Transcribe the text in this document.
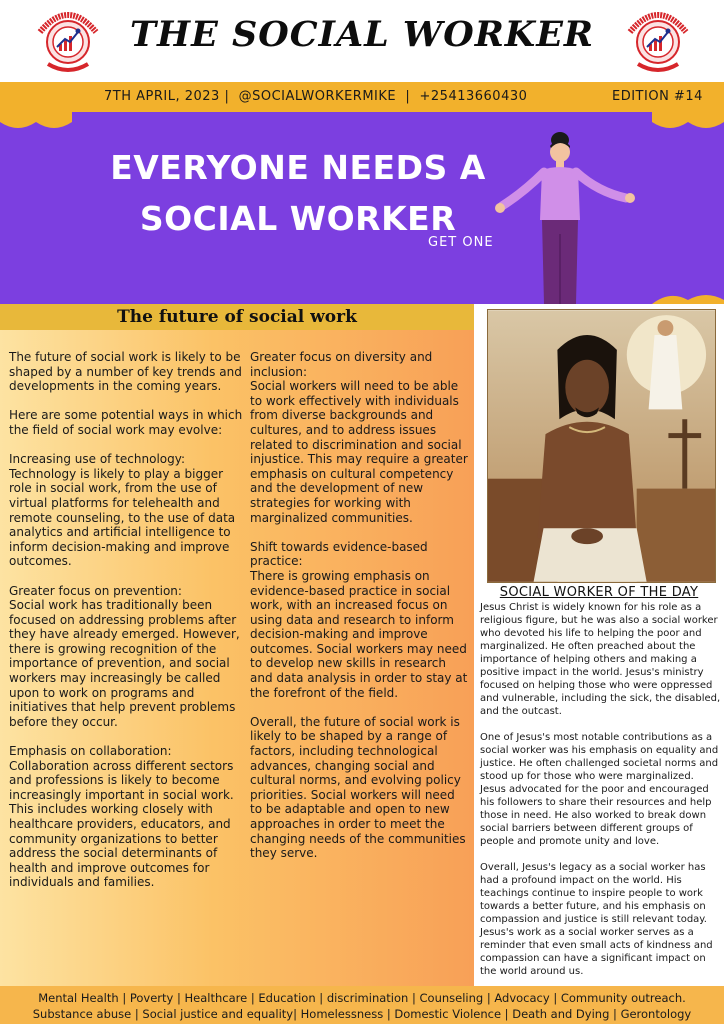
THE SOCIAL WORKER
7TH APRIL, 2023 |  @SOCIALWORKERMIKE  |  +25413660430	EDITION #14
EVERYONE NEEDS A
SOCIAL WORKER
GET ONE
The future of social work
The future of social work is likely to be shaped by a number of key trends and developments in the coming years.
Here are some potential ways in which the field of social work may evolve:
Increasing use of technology:
Technology is likely to play a bigger role in social work, from the use of virtual platforms for telehealth and remote counseling, to the use of data analytics and artificial intelligence to inform decision-making and improve outcomes.
Greater focus on prevention:
Social work has traditionally been focused on addressing problems after they have already emerged. However, there is growing recognition of the importance of prevention, and social workers may increasingly be called upon to work on programs and initiatives that help prevent problems before they occur.
Emphasis on collaboration:
Collaboration across different sectors and professions is likely to become increasingly important in social work. This includes working closely with healthcare providers, educators, and community organizations to better address the social determinants of health and improve outcomes for individuals and families.
Greater focus on diversity and inclusion:
Social workers will need to be able to work effectively with individuals from diverse backgrounds and cultures, and to address issues related to discrimination and social injustice. This may require a greater emphasis on cultural competency and the development of new strategies for working with marginalized communities.
Shift towards evidence-based practice:
There is growing emphasis on evidence-based practice in social work, with an increased focus on using data and research to inform decision-making and improve outcomes. Social workers may need to develop new skills in research and data analysis in order to stay at the forefront of the field.
Overall, the future of social work is likely to be shaped by a range of factors, including technological advances, changing social and cultural norms, and evolving policy priorities. Social workers will need to be adaptable and open to new approaches in order to meet the changing needs of the communities they serve.
SOCIAL WORKER OF THE DAY

Jesus Christ is widely known for his role as a religious figure, but he was also a social worker who devoted his life to helping the poor and marginalized. He often preached about the importance of helping others and making a positive impact in the world. Jesus's ministry focused on helping those who were oppressed and vulnerable, including the sick, the disabled, and the outcast.

One of Jesus's most notable contributions as a social worker was his emphasis on equality and justice. He often challenged societal norms and stood up for those who were marginalized. Jesus advocated for the poor and encouraged his followers to share their resources and help those in need. He also worked to break down social barriers between different groups of people and promote unity and love.

Overall, Jesus's legacy as a social worker has had a profound impact on the world. His teachings continue to inspire people to work towards a better future, and his emphasis on compassion and justice is still relevant today. Jesus's work as a social worker serves as a reminder that even small acts of kindness and compassion can have a significant impact on the world around us.

Mental Health | Poverty | Healthcare | Education | discrimination | Counseling | Advocacy | Community outreach.
Substance abuse | Social justice and equality| Homelessness | Domestic Violence | Death and Dying | Gerontology
